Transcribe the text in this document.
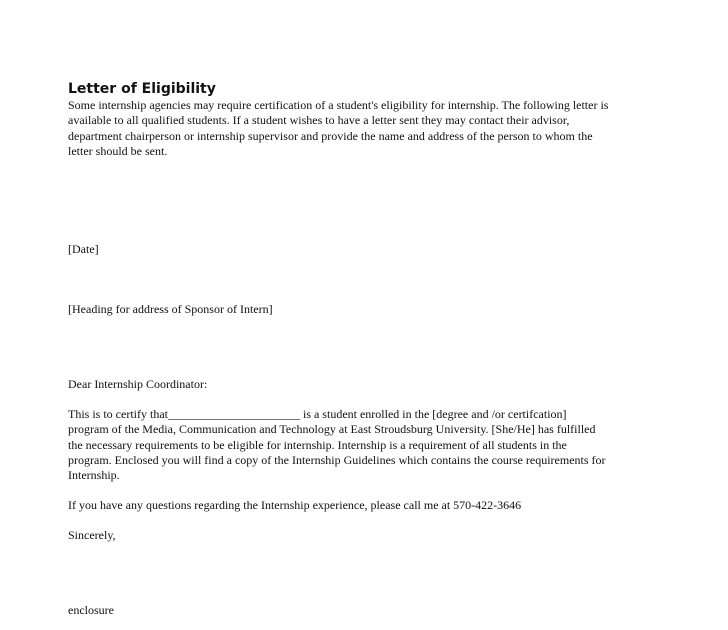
Letter of Eligibility
Some internship agencies may require certification of a student's eligibility for internship. The following letter is
available to all qualified students. If a student wishes to have a letter sent they may contact their advisor,
department chairperson or internship supervisor and provide the name and address of the person to whom the
letter should be sent.
[Date]
[Heading for address of Sponsor of Intern]
Dear Internship Coordinator:
This is to certify that______________________ is a student enrolled in the [degree and /or certifcation]
program of the Media, Communication and Technology at East Stroudsburg University. [She/He] has fulfilled
the necessary requirements to be eligible for internship. Internship is a requirement of all students in the
program. Enclosed you will find a copy of the Internship Guidelines which contains the course requirements for
Internship.
If you have any questions regarding the Internship experience, please call me at 570-422-3646
Sincerely,
enclosure
